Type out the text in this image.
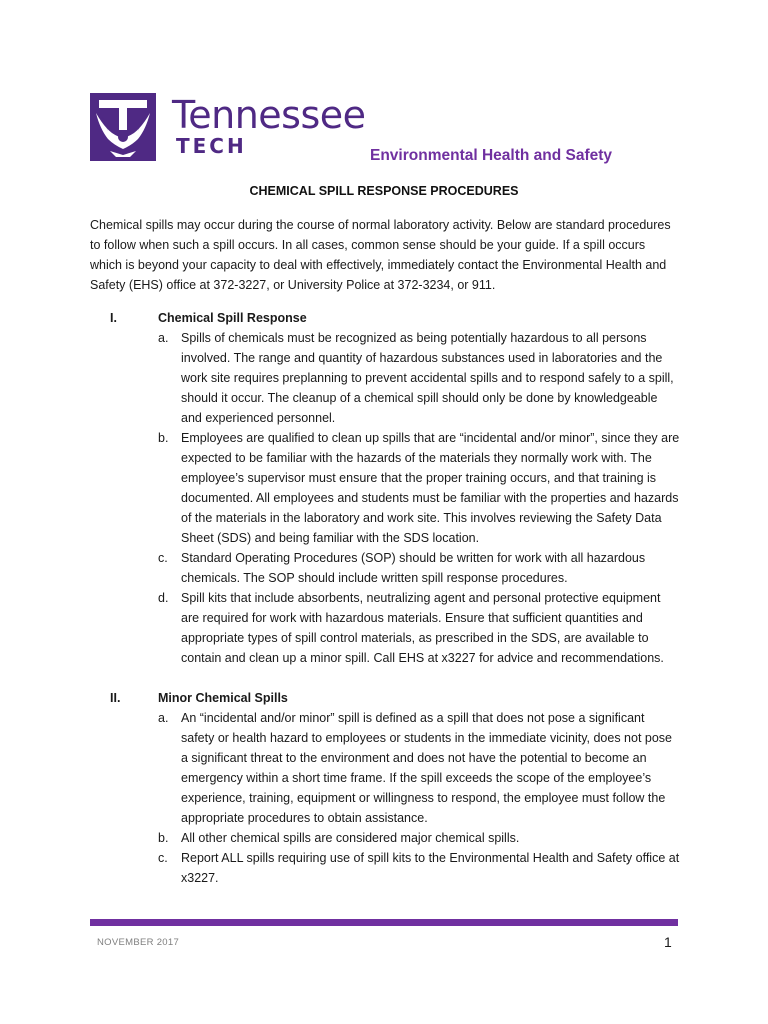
Tennessee
TECH	Environmental Health and Safety
CHEMICAL SPILL RESPONSE PROCEDURES

Chemical spills may occur during the course of normal laboratory activity. Below are standard procedures to follow when such a spill occurs. In all cases, common sense should be your guide. If a spill occurs which is beyond your capacity to deal with effectively, immediately contact the Environmental Health and Safety (EHS) office at 372-3227, or University Police at 372-3234, or 911.

I.	Chemical Spill Response
a. Spills of chemicals must be recognized as being potentially hazardous to all persons involved. The range and quantity of hazardous substances used in laboratories and the work site requires preplanning to prevent accidental spills and to respond safely to a spill, should it occur. The cleanup of a chemical spill should only be done by knowledgeable and experienced personnel.
b. Employees are qualified to clean up spills that are “incidental and/or minor”, since they are expected to be familiar with the hazards of the materials they normally work with. The employee’s supervisor must ensure that the proper training occurs, and that training is documented. All employees and students must be familiar with the properties and hazards of the materials in the laboratory and work site. This involves reviewing the Safety Data Sheet (SDS) and being familiar with the SDS location.
c. Standard Operating Procedures (SOP) should be written for work with all hazardous chemicals. The SOP should include written spill response procedures.
d. Spill kits that include absorbents, neutralizing agent and personal protective equipment are required for work with hazardous materials. Ensure that sufficient quantities and appropriate types of spill control materials, as prescribed in the SDS, are available to contain and clean up a minor spill. Call EHS at x3227 for advice and recommendations.
II.	Minor Chemical Spills
a. An “incidental and/or minor” spill is defined as a spill that does not pose a significant safety or health hazard to employees or students in the immediate vicinity, does not pose a significant threat to the environment and does not have the potential to become an emergency within a short time frame. If the spill exceeds the scope of the employee’s experience, training, equipment or willingness to respond, the employee must follow the appropriate procedures to obtain assistance.
b. All other chemical spills are considered major chemical spills.
c. Report ALL spills requiring use of spill kits to the Environmental Health and Safety office at x3227.
NOVEMBER 2017	1
